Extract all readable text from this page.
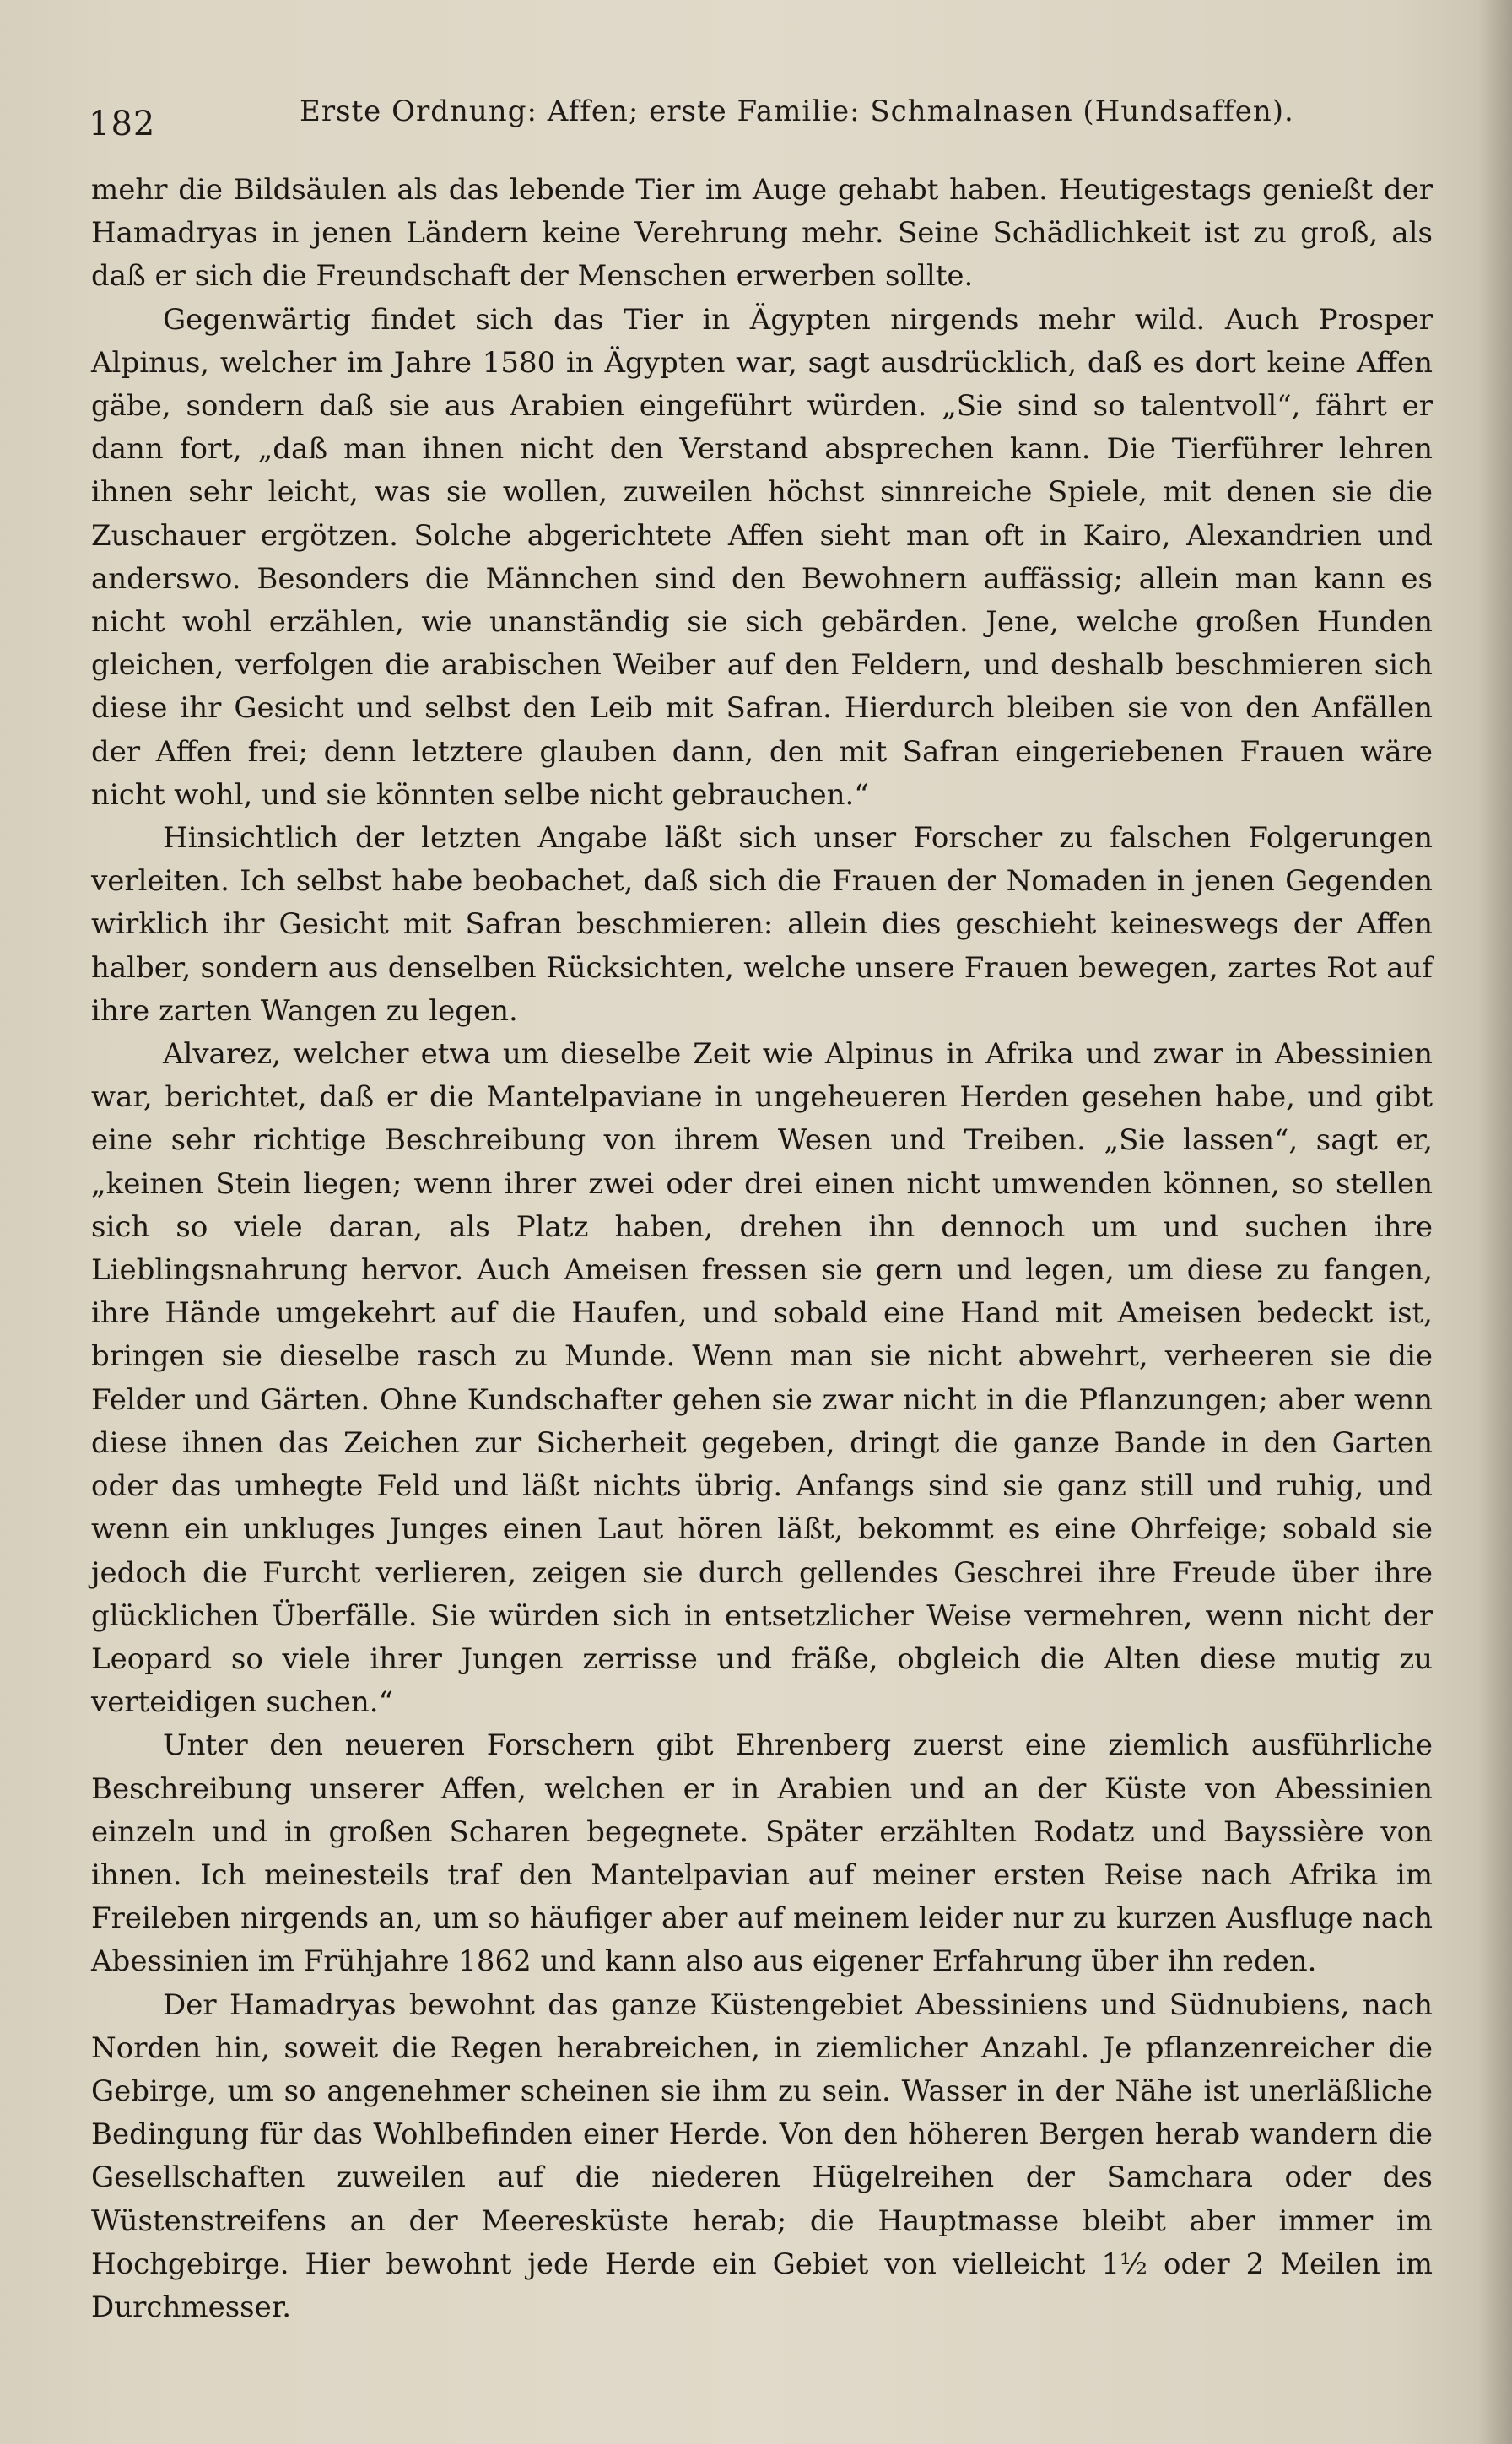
182	Erste Ordnung: Affen; erste Familie: Schmalnasen (Hundsaffen).

mehr die Bildsäulen als das lebende Tier im Auge gehabt haben. Heutigestags genießt der Hamadryas in jenen Ländern keine Verehrung mehr. Seine Schädlichkeit ist zu groß, als daß er sich die Freundschaft der Menschen erwerben sollte.

Gegenwärtig findet sich das Tier in Ägypten nirgends mehr wild. Auch Prosper Alpinus, welcher im Jahre 1580 in Ägypten war, sagt ausdrücklich, daß es dort keine Affen gäbe, sondern daß sie aus Arabien eingeführt würden. „Sie sind so talentvoll“, fährt er dann fort, „daß man ihnen nicht den Verstand absprechen kann. Die Tierführer lehren ihnen sehr leicht, was sie wollen, zuweilen höchst sinnreiche Spiele, mit denen sie die Zuschauer ergötzen. Solche abgerichtete Affen sieht man oft in Kairo, Alexandrien und anderswo. Besonders die Männchen sind den Bewohnern auffässig; allein man kann es nicht wohl erzählen, wie unanständig sie sich gebärden. Jene, welche großen Hunden gleichen, verfolgen die arabischen Weiber auf den Feldern, und deshalb beschmieren sich diese ihr Gesicht und selbst den Leib mit Safran. Hierdurch bleiben sie von den Anfällen der Affen frei; denn letztere glauben dann, den mit Safran eingeriebenen Frauen wäre nicht wohl, und sie könnten selbe nicht gebrauchen.“

Hinsichtlich der letzten Angabe läßt sich unser Forscher zu falschen Folgerungen verleiten. Ich selbst habe beobachet, daß sich die Frauen der Nomaden in jenen Gegenden wirklich ihr Gesicht mit Safran beschmieren: allein dies geschieht keineswegs der Affen halber, sondern aus denselben Rücksichten, welche unsere Frauen bewegen, zartes Rot auf ihre zarten Wangen zu legen.

Alvarez, welcher etwa um dieselbe Zeit wie Alpinus in Afrika und zwar in Abessinien war, berichtet, daß er die Mantelpaviane in ungeheueren Herden gesehen habe, und gibt eine sehr richtige Beschreibung von ihrem Wesen und Treiben. „Sie lassen“, sagt er, „keinen Stein liegen; wenn ihrer zwei oder drei einen nicht umwenden können, so stellen sich so viele daran, als Platz haben, drehen ihn dennoch um und suchen ihre Lieblingsnahrung hervor. Auch Ameisen fressen sie gern und legen, um diese zu fangen, ihre Hände umgekehrt auf die Haufen, und sobald eine Hand mit Ameisen bedeckt ist, bringen sie dieselbe rasch zu Munde. Wenn man sie nicht abwehrt, verheeren sie die Felder und Gärten. Ohne Kundschafter gehen sie zwar nicht in die Pflanzungen; aber wenn diese ihnen das Zeichen zur Sicherheit gegeben, dringt die ganze Bande in den Garten oder das umhegte Feld und läßt nichts übrig. Anfangs sind sie ganz still und ruhig, und wenn ein unkluges Junges einen Laut hören läßt, bekommt es eine Ohrfeige; sobald sie jedoch die Furcht verlieren, zeigen sie durch gellendes Geschrei ihre Freude über ihre glücklichen Überfälle. Sie würden sich in entsetzlicher Weise vermehren, wenn nicht der Leopard so viele ihrer Jungen zerrisse und fräße, obgleich die Alten diese mutig zu verteidigen suchen.“

Unter den neueren Forschern gibt Ehrenberg zuerst eine ziemlich ausführliche Beschreibung unserer Affen, welchen er in Arabien und an der Küste von Abessinien einzeln und in großen Scharen begegnete. Später erzählten Rodatz und Bayssière von ihnen. Ich meinesteils traf den Mantelpavian auf meiner ersten Reise nach Afrika im Freileben nirgends an, um so häufiger aber auf meinem leider nur zu kurzen Ausfluge nach Abessinien im Frühjahre 1862 und kann also aus eigener Erfahrung über ihn reden.

Der Hamadryas bewohnt das ganze Küstengebiet Abessiniens und Südnubiens, nach Norden hin, soweit die Regen herabreichen, in ziemlicher Anzahl. Je pflanzenreicher die Gebirge, um so angenehmer scheinen sie ihm zu sein. Wasser in der Nähe ist unerläßliche Bedingung für das Wohlbefinden einer Herde. Von den höheren Bergen herab wandern die Gesellschaften zuweilen auf die niederen Hügelreihen der Samchara oder des Wüstenstreifens an der Meeresküste herab; die Hauptmasse bleibt aber immer im Hochgebirge. Hier bewohnt jede Herde ein Gebiet von vielleicht 1½ oder 2 Meilen im Durchmesser.
